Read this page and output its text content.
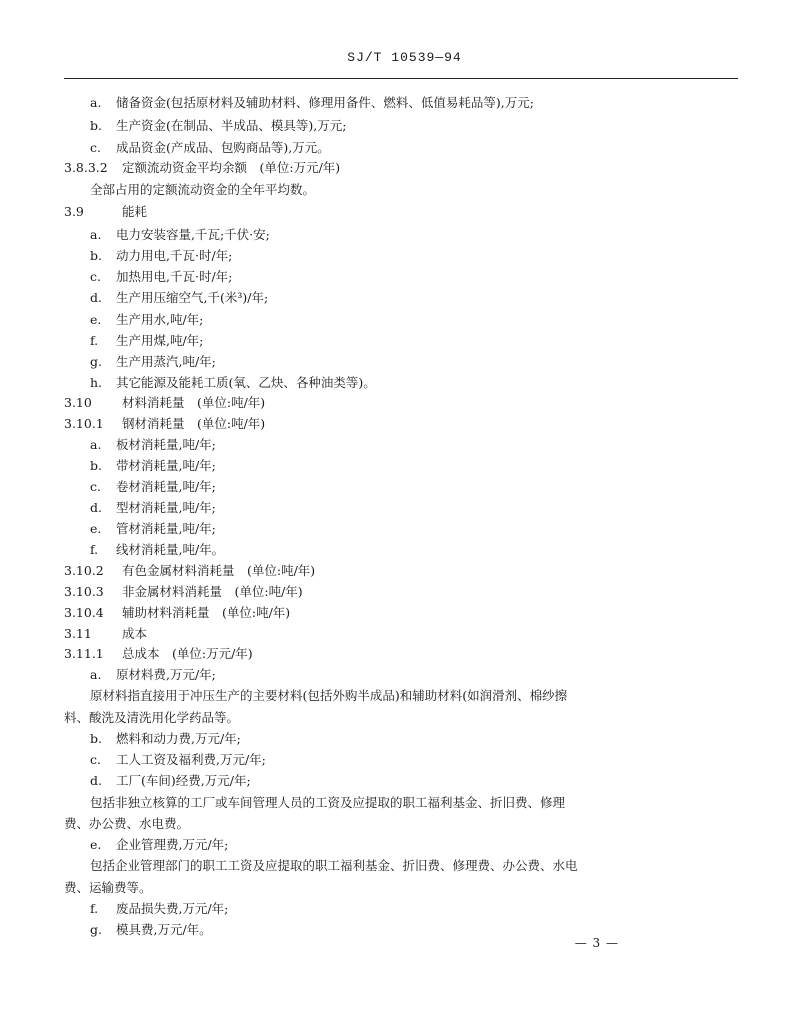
SJ/T 10539—94
a. 储备资金(包括原材料及辅助材料、修理用备件、燃料、低值易耗品等),万元;
b. 生产资金(在制品、半成品、模具等),万元;
c. 成品资金(产成品、包购商品等),万元。
3.8.3.2 定额流动资金平均余额　(单位:万元/年)
全部占用的定额流动资金的全年平均数。
3.9	能耗
a. 电力安装容量,千瓦;千伏·安;
b. 动力用电,千瓦·时/年;
c. 加热用电,千瓦·时/年;
d. 生产用压缩空气,千(米³)/年;
e. 生产用水,吨/年;
f. 生产用煤,吨/年;
g. 生产用蒸汽,吨/年;
h. 其它能源及能耗工质(氧、乙炔、各种油类等)。
3.10 材料消耗量　(单位:吨/年)
3.10.1 钢材消耗量　(单位:吨/年)
a. 板材消耗量,吨/年;
b. 带材消耗量,吨/年;
c. 卷材消耗量,吨/年;
d. 型材消耗量,吨/年;
e. 管材消耗量,吨/年;
f. 线材消耗量,吨/年。
3.10.2 有色金属材料消耗量　(单位:吨/年)
3.10.3 非金属材料消耗量　(单位:吨/年)
3.10.4 辅助材料消耗量　(单位:吨/年)
3.11 成本
3.11.1 总成本　(单位:万元/年)
a. 原材料费,万元/年;
原材料指直接用于冲压生产的主要材料(包括外购半成品)和辅助材料(如润滑剂、棉纱擦
料、酸洗及清洗用化学药品等。
b. 燃料和动力费,万元/年;
c. 工人工资及福利费,万元/年;
d. 工厂(车间)经费,万元/年;
包括非独立核算的工厂或车间管理人员的工资及应提取的职工福利基金、折旧费、修理
费、办公费、水电费。
e. 企业管理费,万元/年;
包括企业管理部门的职工工资及应提取的职工福利基金、折旧费、修理费、办公费、水电
费、运输费等。
f. 废品损失费,万元/年;
g. 模具费,万元/年。
— 3 —
